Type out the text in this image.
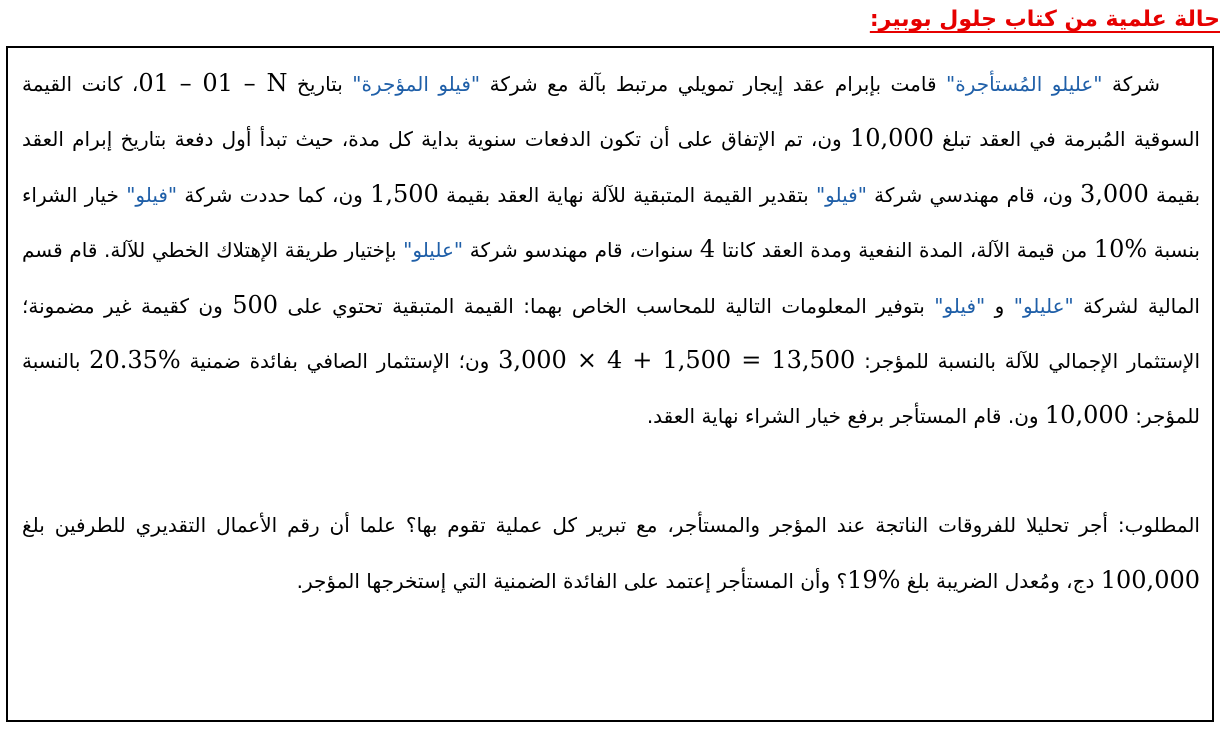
حالة علمية من كتاب جلول بوبير:

شركة "عليلو المُستأجرة" قامت بإبرام عقد إيجار تمويلي مرتبط بآلة مع شركة "فيلو المؤجرة" بتاريخ 01 – 01 – N، كانت القيمة السوقية المُبرمة في العقد تبلغ 10,000 ون، تم الإتفاق على أن تكون الدفعات سنوية بداية كل مدة، حيث تبدأ أول دفعة بتاريخ إبرام العقد بقيمة 3,000 ون، قام مهندسي شركة "فيلو" بتقدير القيمة المتبقية للآلة نهاية العقد بقيمة 1,500 ون، كما حددت شركة "فيلو" خيار الشراء بنسبة 10% من قيمة الآلة، المدة النفعية ومدة العقد كانتا 4 سنوات، قام مهندسو شركة "عليلو" بإختيار طريقة الإهتلاك الخطي للآلة. قام قسم المالية لشركة "عليلو" و "فيلو" بتوفير المعلومات التالية للمحاسب الخاص بهما: القيمة المتبقية تحتوي على 500 ون كقيمة غير مضمونة؛ الإستثمار الإجمالي للآلة بالنسبة للمؤجر: 3,000 × 4 + 1,500 = 13,500 ون؛ الإستثمار الصافي بفائدة ضمنية 20.35% بالنسبة للمؤجر: 10,000 ون. قام المستأجر برفع خيار الشراء نهاية العقد.

المطلوب: أجر تحليلا للفروقات الناتجة عند المؤجر والمستأجر، مع تبرير كل عملية تقوم بها؟ علما أن رقم الأعمال التقديري للطرفين بلغ 100,000 دج، ومُعدل الضريبة بلغ 19%؟ وأن المستأجر إعتمد على الفائدة الضمنية التي إستخرجها المؤجر.
